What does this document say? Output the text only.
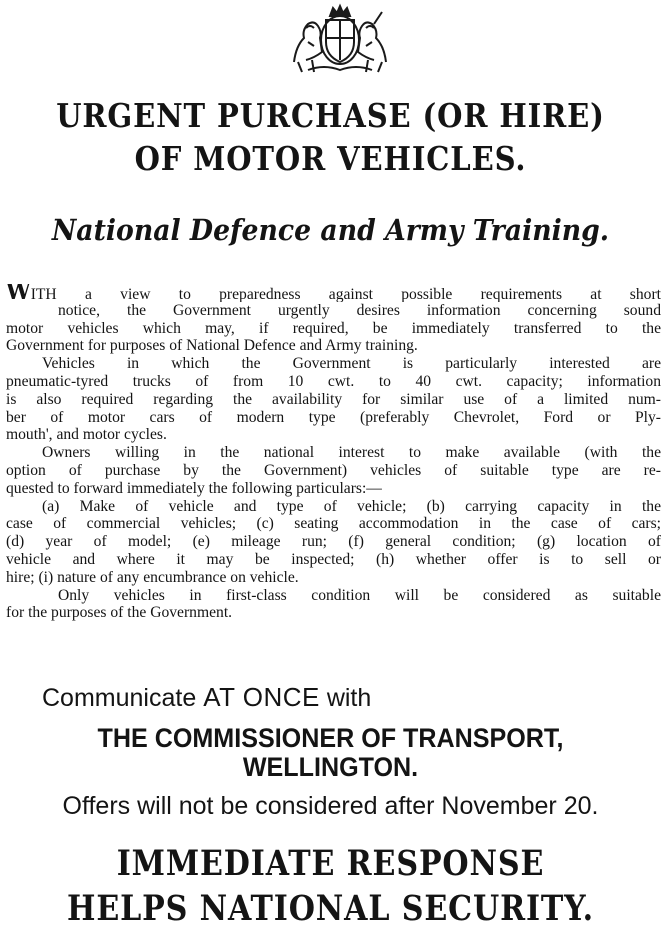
URGENT PURCHASE (OR HIRE)
OF MOTOR VEHICLES.
National Defence and Army Training.
WITH a view to preparedness against possible requirements at short
notice, the Government urgently desires information concerning sound
motor vehicles which may, if required, be immediately transferred to the
Government for purposes of National Defence and Army training.
Vehicles in which the Government is particularly interested are
pneumatic-tyred trucks of from 10 cwt. to 40 cwt. capacity; information
is also required regarding the availability for similar use of a limited num-
ber of motor cars of modern type (preferably Chevrolet, Ford or Ply-
mouth', and motor cycles.
Owners willing in the national interest to make available (with the
option of purchase by the Government) vehicles of suitable type are re-
quested to forward immediately the following particulars:—
(a) Make of vehicle and type of vehicle; (b) carrying capacity in the
case of commercial vehicles; (c) seating accommodation in the case of cars;
(d) year of model; (e) mileage run; (f) general condition; (g) location of
vehicle and where it may be inspected; (h) whether offer is to sell or
hire; (i) nature of any encumbrance on vehicle.
Only vehicles in first-class condition will be considered as suitable
for the purposes of the Government.
Communicate AT ONCE with
THE COMMISSIONER OF TRANSPORT,
WELLINGTON.
Offers will not be considered after November 20.
IMMEDIATE RESPONSE
HELPS NATIONAL SECURITY.
